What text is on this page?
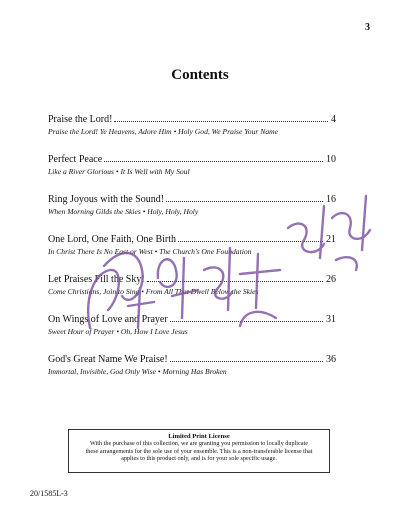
3
Contents
Praise the Lord!	4
Praise the Lord! Ye Heavens, Adore Him • Holy God, We Praise Your Name
Perfect Peace	10
Like a River Glorious • It Is Well with My Soul
Ring Joyous with the Sound!	16
When Morning Gilds the Skies • Holy, Holy, Holy
One Lord, One Faith, One Birth	21
In Christ There Is No East or West • The Church's One Foundation
Let Praises Fill the Sky!	26
Come Christians, Join to Sing • From All That Dwell Below the Skies
On Wings of Love and Prayer	31
Sweet Hour of Prayer • Oh, How I Love Jesus
God's Great Name We Praise!	36
Immortal, Invisible, God Only Wise • Morning Has Broken
Limited Print License
With the purchase of this collection, we are granting you permission to locally duplicate
these arrangements for the sole use of your ensemble. This is a non-transferable license that
applies to this product only, and is for your sole specific usage.
20/1585L-3
